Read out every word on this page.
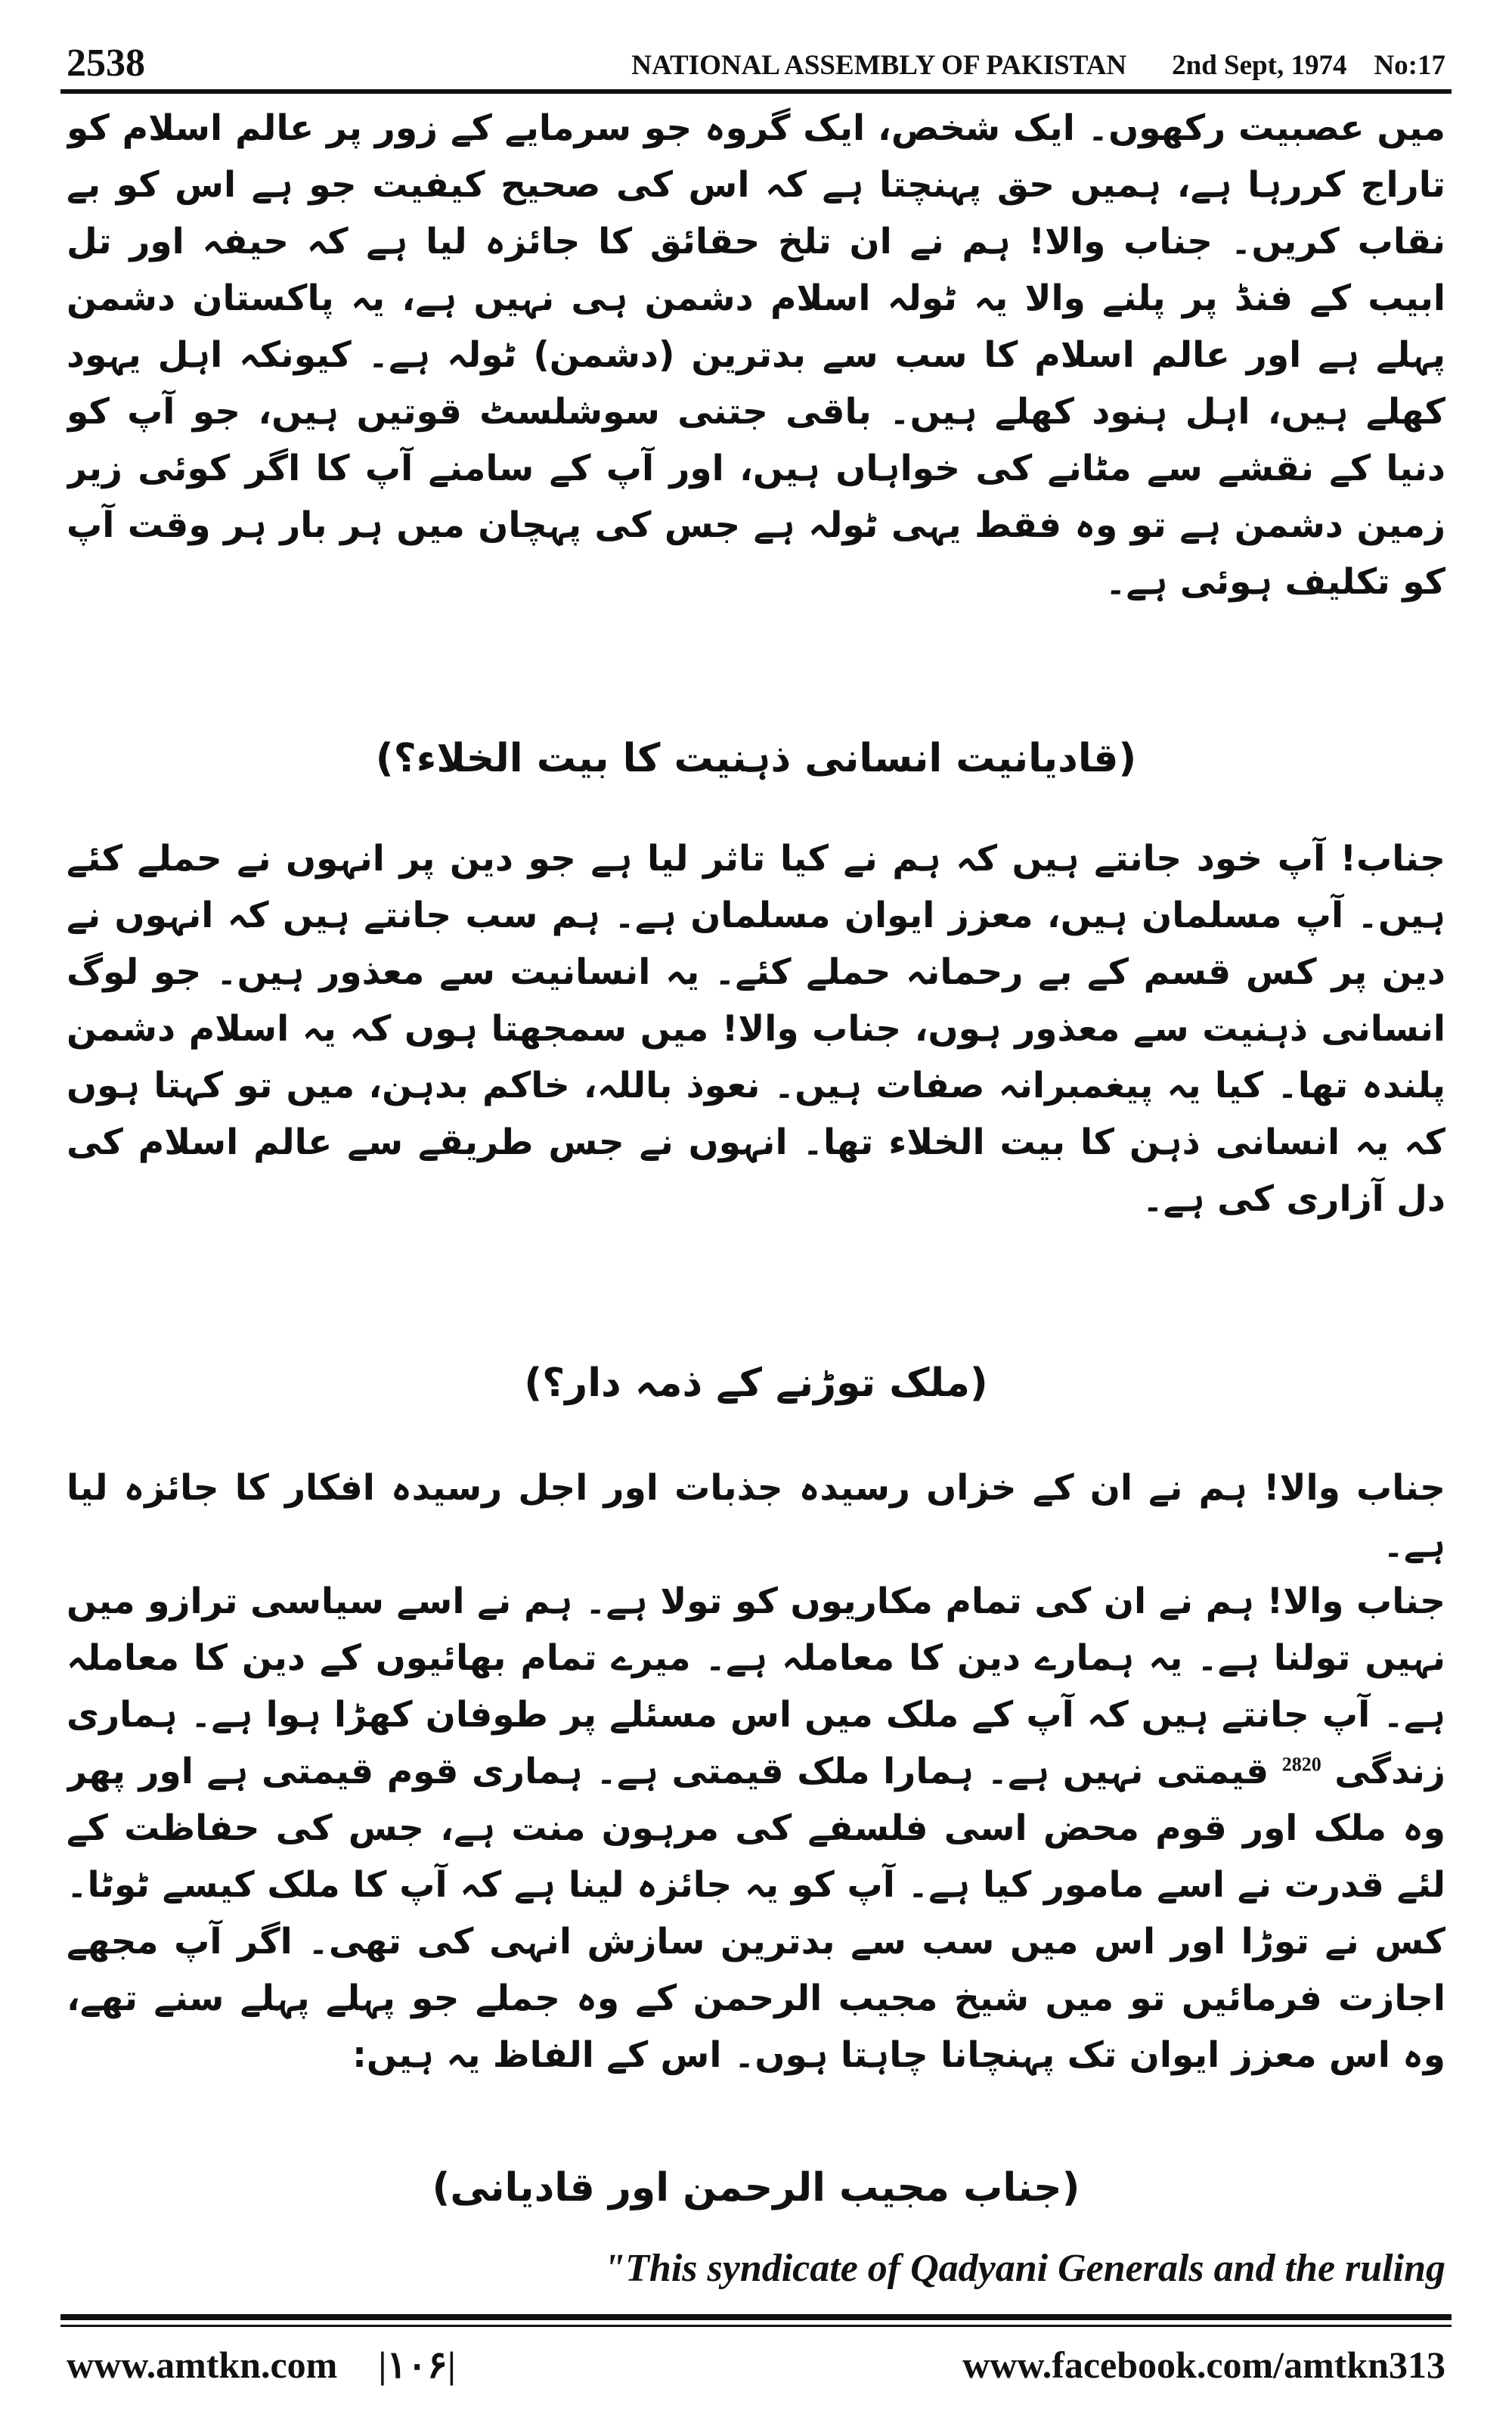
2538	NATIONAL ASSEMBLY OF PAKISTAN 2nd Sept, 1974 No:17

میں عصبیت رکھوں۔ ایک شخص، ایک گروہ جو سرمایے کے زور پر عالم اسلام کو تاراج کررہا ہے، ہمیں حق پہنچتا ہے کہ اس کی صحیح کیفیت جو ہے اس کو بے نقاب کریں۔ جناب والا! ہم نے ان تلخ حقائق کا جائزہ لیا ہے کہ حیفہ اور تل ابیب کے فنڈ پر پلنے والا یہ ٹولہ اسلام دشمن ہی نہیں ہے، یہ پاکستان دشمن پہلے ہے اور عالم اسلام کا سب سے بدترین (دشمن) ٹولہ ہے۔ کیونکہ اہل یہود کھلے ہیں، اہل ہنود کھلے ہیں۔ باقی جتنی سوشلسٹ قوتیں ہیں، جو آپ کو دنیا کے نقشے سے مٹانے کی خواہاں ہیں، اور آپ کے سامنے آپ کا اگر کوئی زیر زمین دشمن ہے تو وہ فقط یہی ٹولہ ہے جس کی پہچان میں ہر بار ہر وقت آپ کو تکلیف ہوئی ہے۔

(قادیانیت انسانی ذہنیت کا بیت الخلاء؟)

جناب! آپ خود جانتے ہیں کہ ہم نے کیا تاثر لیا ہے جو دین پر انہوں نے حملے کئے ہیں۔ آپ مسلمان ہیں، معزز ایوان مسلمان ہے۔ ہم سب جانتے ہیں کہ انہوں نے دین پر کس قسم کے بے رحمانہ حملے کئے۔ یہ انسانیت سے معذور ہیں۔ جو لوگ انسانی ذہنیت سے معذور ہوں، جناب والا! میں سمجھتا ہوں کہ یہ اسلام دشمن پلندہ تھا۔ کیا یہ پیغمبرانہ صفات ہیں۔ نعوذ باللہ، خاکم بدہن، میں تو کہتا ہوں کہ یہ انسانی ذہن کا بیت الخلاء تھا۔ انہوں نے جس طریقے سے عالم اسلام کی دل آزاری کی ہے۔

(ملک توڑنے کے ذمہ دار؟)

جناب والا! ہم نے ان کے خزاں رسیدہ جذبات اور اجل رسیدہ افکار کا جائزہ لیا ہے۔

جناب والا! ہم نے ان کی تمام مکاریوں کو تولا ہے۔ ہم نے اسے سیاسی ترازو میں نہیں تولنا ہے۔ یہ ہمارے دین کا معاملہ ہے۔ میرے تمام بھائیوں کے دین کا معاملہ ہے۔ آپ جانتے ہیں کہ آپ کے ملک میں اس مسئلے پر طوفان کھڑا ہوا ہے۔ ہماری زندگی $^{2820}$ قیمتی نہیں ہے۔ ہمارا ملک قیمتی ہے۔ ہماری قوم قیمتی ہے اور پھر وہ ملک اور قوم محض اسی فلسفے کی مرہون منت ہے، جس کی حفاظت کے لئے قدرت نے اسے مامور کیا ہے۔ آپ کو یہ جائزہ لینا ہے کہ آپ کا ملک کیسے ٹوٹا۔ کس نے توڑا اور اس میں سب سے بدترین سازش انہی کی تھی۔ اگر آپ مجھے اجازت فرمائیں تو میں شیخ مجیب الرحمن کے وہ جملے جو پہلے پہلے سنے تھے، وہ اس معزز ایوان تک پہنچانا چاہتا ہوں۔ اس کے الفاظ یہ ہیں:

(جناب مجیب الرحمن اور قادیانی)
"This syndicate of Qadyani Generals and the ruling
www.amtkn.com |۱۰۶|	www.facebook.com/amtkn313
